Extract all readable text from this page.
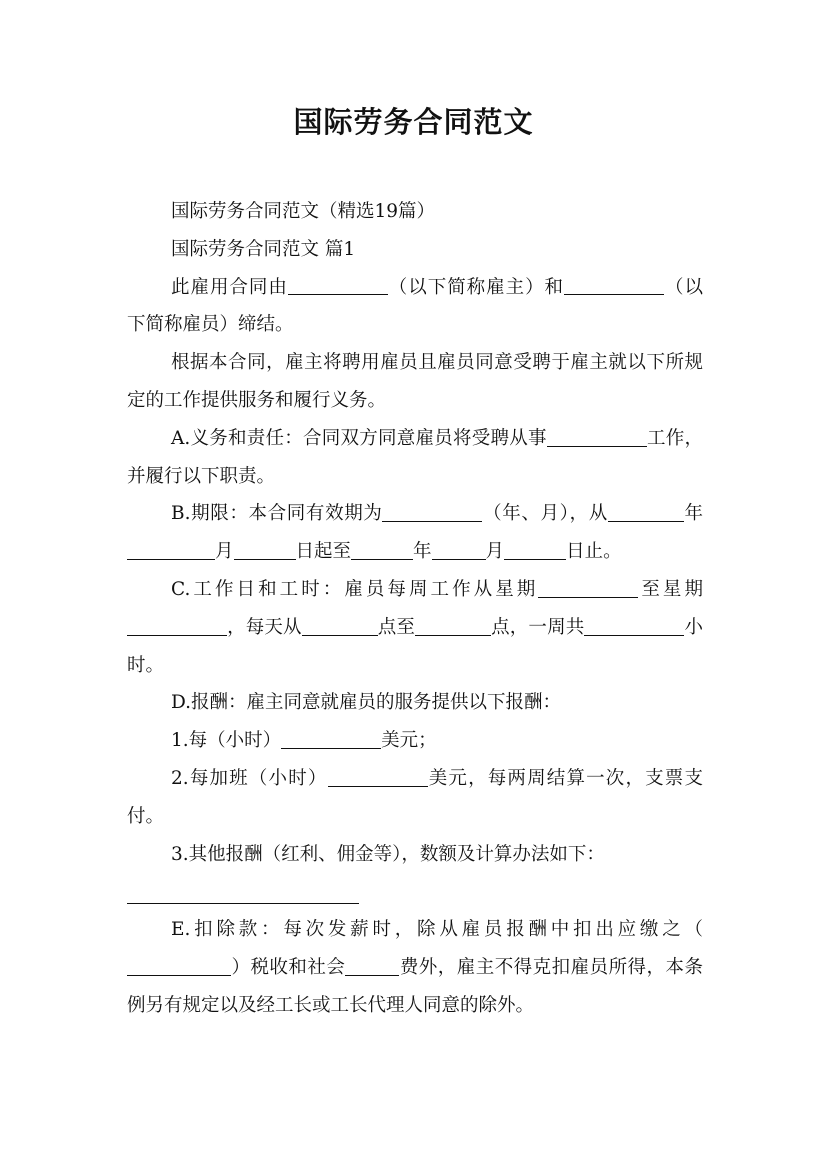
国际劳务合同范文

国际劳务合同范文（精选19篇）

国际劳务合同范文 篇1

此雇用合同由	（以下简称雇主）和	（以下简称雇员）缔结。

根据本合同，雇主将聘用雇员且雇员同意受聘于雇主就以下所规定的工作提供服务和履行义务。

A.义务和责任：合同双方同意雇员将受聘从事	工作，并履行以下职责。

B.期限：本合同有效期为	（年、月），从	年月	日起至	年	月	日止。

C.工作日和工时：雇员每周工作从星期	至星期，每天从	点至	点，一周共	小时。

D.报酬：雇主同意就雇员的服务提供以下报酬：

1.每（小时）	美元；

2.每加班（小时）	美元，每两周结算一次，支票支付。

3.其他报酬（红利、佣金等），数额及计算办法如下：

E.扣除款：每次发薪时，除从雇员报酬中扣出应缴之（）税收和社会	费外，雇主不得克扣雇员所得，本条例另有规定以及经工长或工长代理人同意的除外。
